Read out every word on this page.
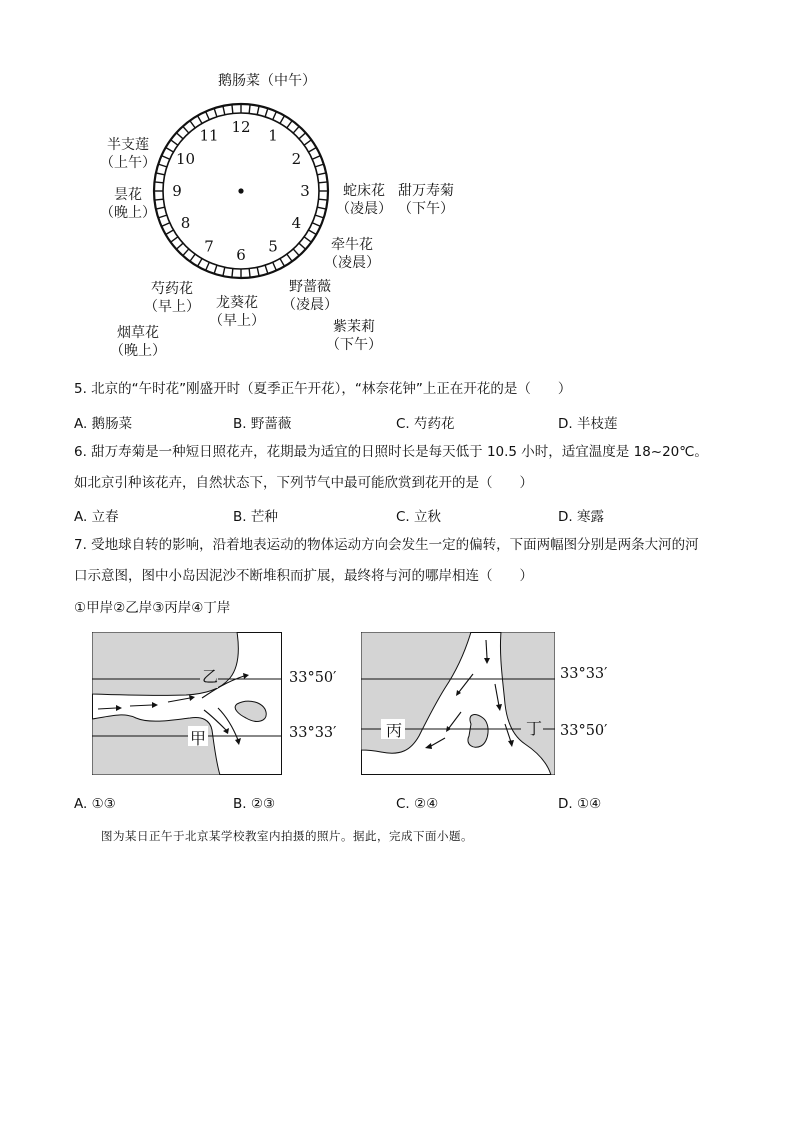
12 1
2
3
4
5
6
7
8
9
10
11
鹅肠菜（中午）
半支莲
（上午）
昙花
（晚上）
蛇床花
（凌晨）
甜万寿菊
（下午）
牵牛花
（凌晨）
野蔷薇
（凌晨）
紫茉莉
（下午）
龙葵花
（早上）
芍药花
（早上）
烟草花
（晚上）
5. 北京的“午时花”刚盛开时（夏季正午开花），“林奈花钟”上正在开花的是（　　）
A. 鹅肠菜	B. 野蔷薇	C. 芍药花	D. 半枝莲
6. 甜万寿菊是一种短日照花卉，花期最为适宜的日照时长是每天低于 10.5 小时，适宜温度是 18~20℃。
如北京引种该花卉，自然状态下，下列节气中最可能欣赏到花开的是（　　）
A. 立春	B. 芒种	C. 立秋	D. 寒露
7. 受地球自转的影响，沿着地表运动的物体运动方向会发生一定的偏转，下面两幅图分别是两条大河的河
口示意图，图中小岛因泥沙不断堆积而扩展，最终将与河的哪岸相连（　　）
①甲岸②乙岸③丙岸④丁岸
乙
甲
33°50′
33°33′	丙	丁
33°33′
33°50′
A. ①③	B. ②③	C. ②④	D. ①④
图为某日正午于北京某学校教室内拍摄的照片。据此，完成下面小题。
